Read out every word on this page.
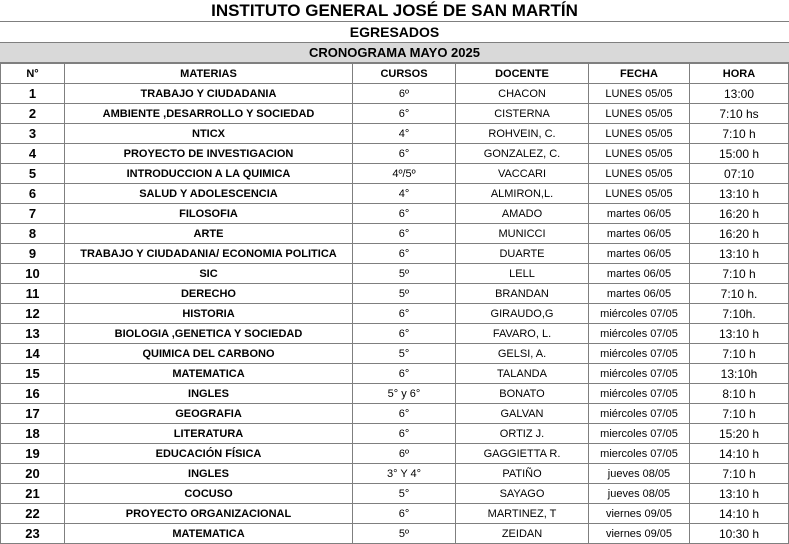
INSTITUTO GENERAL JOSÉ DE SAN MARTÍN
EGRESADOS
CRONOGRAMA MAYO 2025
N°	MATERIAS	CURSOS	DOCENTE	FECHA	HORA
1	TRABAJO Y CIUDADANIA	6º	CHACON	LUNES 05/05	13:00
2	AMBIENTE ,DESARROLLO Y SOCIEDAD	6°	CISTERNA	LUNES 05/05	7:10 hs
3	NTICX	4°	ROHVEIN, C.	LUNES 05/05	7:10 h
4	PROYECTO DE INVESTIGACION	6°	GONZALEZ, C.	LUNES 05/05	15:00 h
5	INTRODUCCION A LA QUIMICA	4º/5º	VACCARI	LUNES 05/05	07:10
6	SALUD Y ADOLESCENCIA	4°	ALMIRON,L.	LUNES 05/05	13:10 h
7	FILOSOFIA	6°	AMADO	martes 06/05	16:20 h
8	ARTE	6°	MUNICCI	martes 06/05	16:20 h
9	TRABAJO Y CIUDADANIA/ ECONOMIA POLITICA	6°	DUARTE	martes 06/05	13:10 h
10	SIC	5º	LELL	martes 06/05	7:10 h
11	DERECHO	5º	BRANDAN	martes 06/05	7:10 h.
12	HISTORIA	6°	GIRAUDO,G	miércoles 07/05	7:10h.
13	BIOLOGIA ,GENETICA Y SOCIEDAD	6°	FAVARO, L.	miércoles 07/05	13:10 h
14	QUIMICA DEL CARBONO	5°	GELSI, A.	miércoles 07/05	7:10 h
15	MATEMATICA	6°	TALANDA	miércoles 07/05	13:10h
16	INGLES	5° y 6°	BONATO	miércoles 07/05	8:10 h
17	GEOGRAFIA	6°	GALVAN	miércoles 07/05	7:10 h
18	LITERATURA	6°	ORTIZ J.	miercoles 07/05	15:20 h
19	EDUCACIÓN FÍSICA	6º	GAGGIETTA R.	miercoles 07/05	14:10 h
20	INGLES	3° Y 4°	PATIÑO	jueves 08/05	7:10 h
21	COCUSO	5°	SAYAGO	jueves 08/05	13:10 h
22	PROYECTO ORGANIZACIONAL	6°	MARTINEZ, T	viernes 09/05	14:10 h
23	MATEMATICA	5º	ZEIDAN	viernes 09/05	10:30 h
